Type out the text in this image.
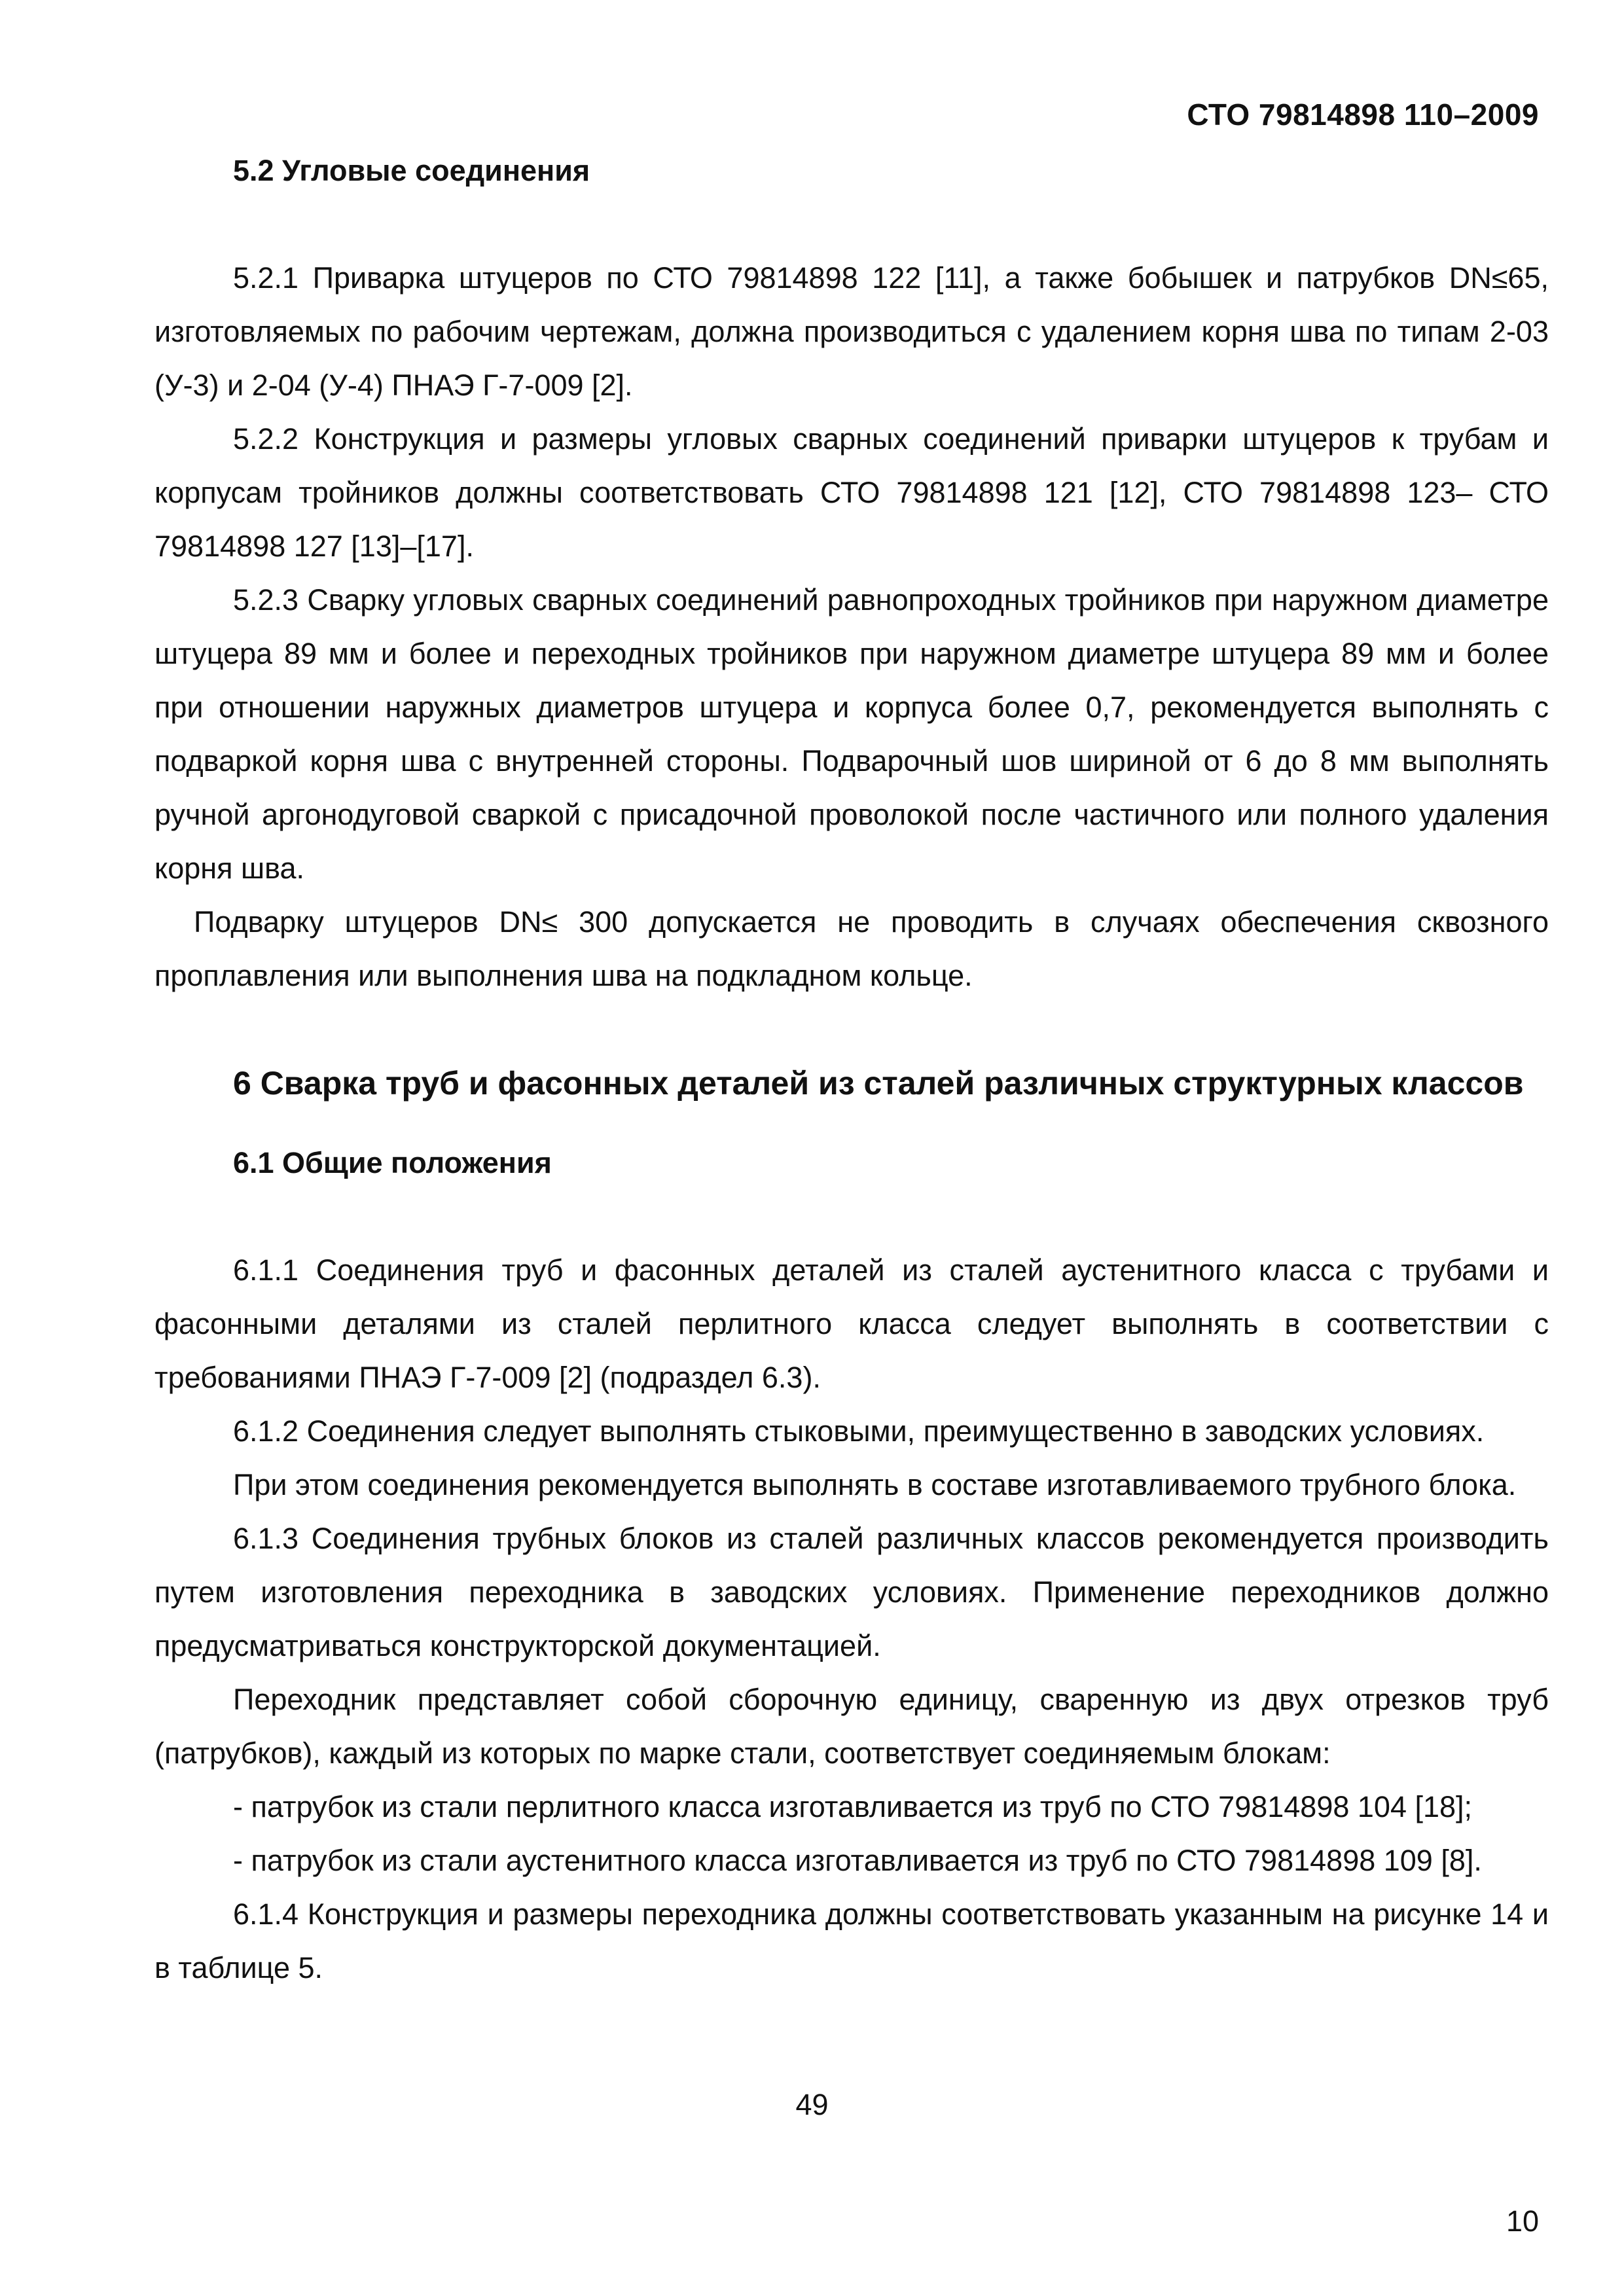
СТО 79814898 110–2009

5.2 Угловые соединения

5.2.1 Приварка штуцеров по СТО 79814898 122 [11], а также бобышек и патрубков DN≤65, изготовляемых по рабочим чертежам, должна производиться с удалением корня шва по типам 2-03 (У-3) и 2-04 (У-4) ПНАЭ Г-7-009 [2].

5.2.2 Конструкция и размеры угловых сварных соединений приварки штуцеров к трубам и корпусам тройников должны соответствовать СТО 79814898 121 [12], СТО 79814898 123– СТО 79814898 127 [13]–[17].

5.2.3 Сварку угловых сварных соединений равнопроходных тройников при наружном диаметре штуцера 89 мм и более и переходных тройников при наружном диаметре штуцера 89 мм и более при отношении наружных диаметров штуцера и корпуса более 0,7, рекомендуется выполнять с подваркой корня шва с внутренней стороны. Подварочный шов шириной от 6 до 8 мм выполнять ручной аргонодуговой сваркой с присадочной проволокой после частичного или полного удаления корня шва.

Подварку штуцеров DN≤ 300 допускается не проводить в случаях обеспечения сквозного проплавления или выполнения шва на подкладном кольце.

6 Сварка труб и фасонных деталей из сталей различных структурных классов

6.1 Общие положения

6.1.1 Соединения труб и фасонных деталей из сталей аустенитного класса с трубами и фасонными деталями из сталей перлитного класса следует выполнять в соответствии с требованиями ПНАЭ Г-7-009 [2] (подраздел 6.3).

6.1.2 Соединения следует выполнять стыковыми, преимущественно в заводских условиях.

При этом соединения рекомендуется выполнять в составе изготавливаемого трубного блока.

6.1.3 Соединения трубных блоков из сталей различных классов рекомендуется производить путем изготовления переходника в заводских условиях. Применение переходников должно предусматриваться конструкторской документацией.

Переходник представляет собой сборочную единицу, сваренную из двух отрезков труб (патрубков), каждый из которых по марке стали, соответствует соединяемым блокам:

- патрубок из стали перлитного класса изготавливается из труб по СТО 79814898 104 [18];

- патрубок из стали аустенитного класса изготавливается из труб по СТО 79814898 109 [8].

6.1.4 Конструкция и размеры переходника должны соответствовать указанным на рисунке 14 и в таблице 5.

49
10
